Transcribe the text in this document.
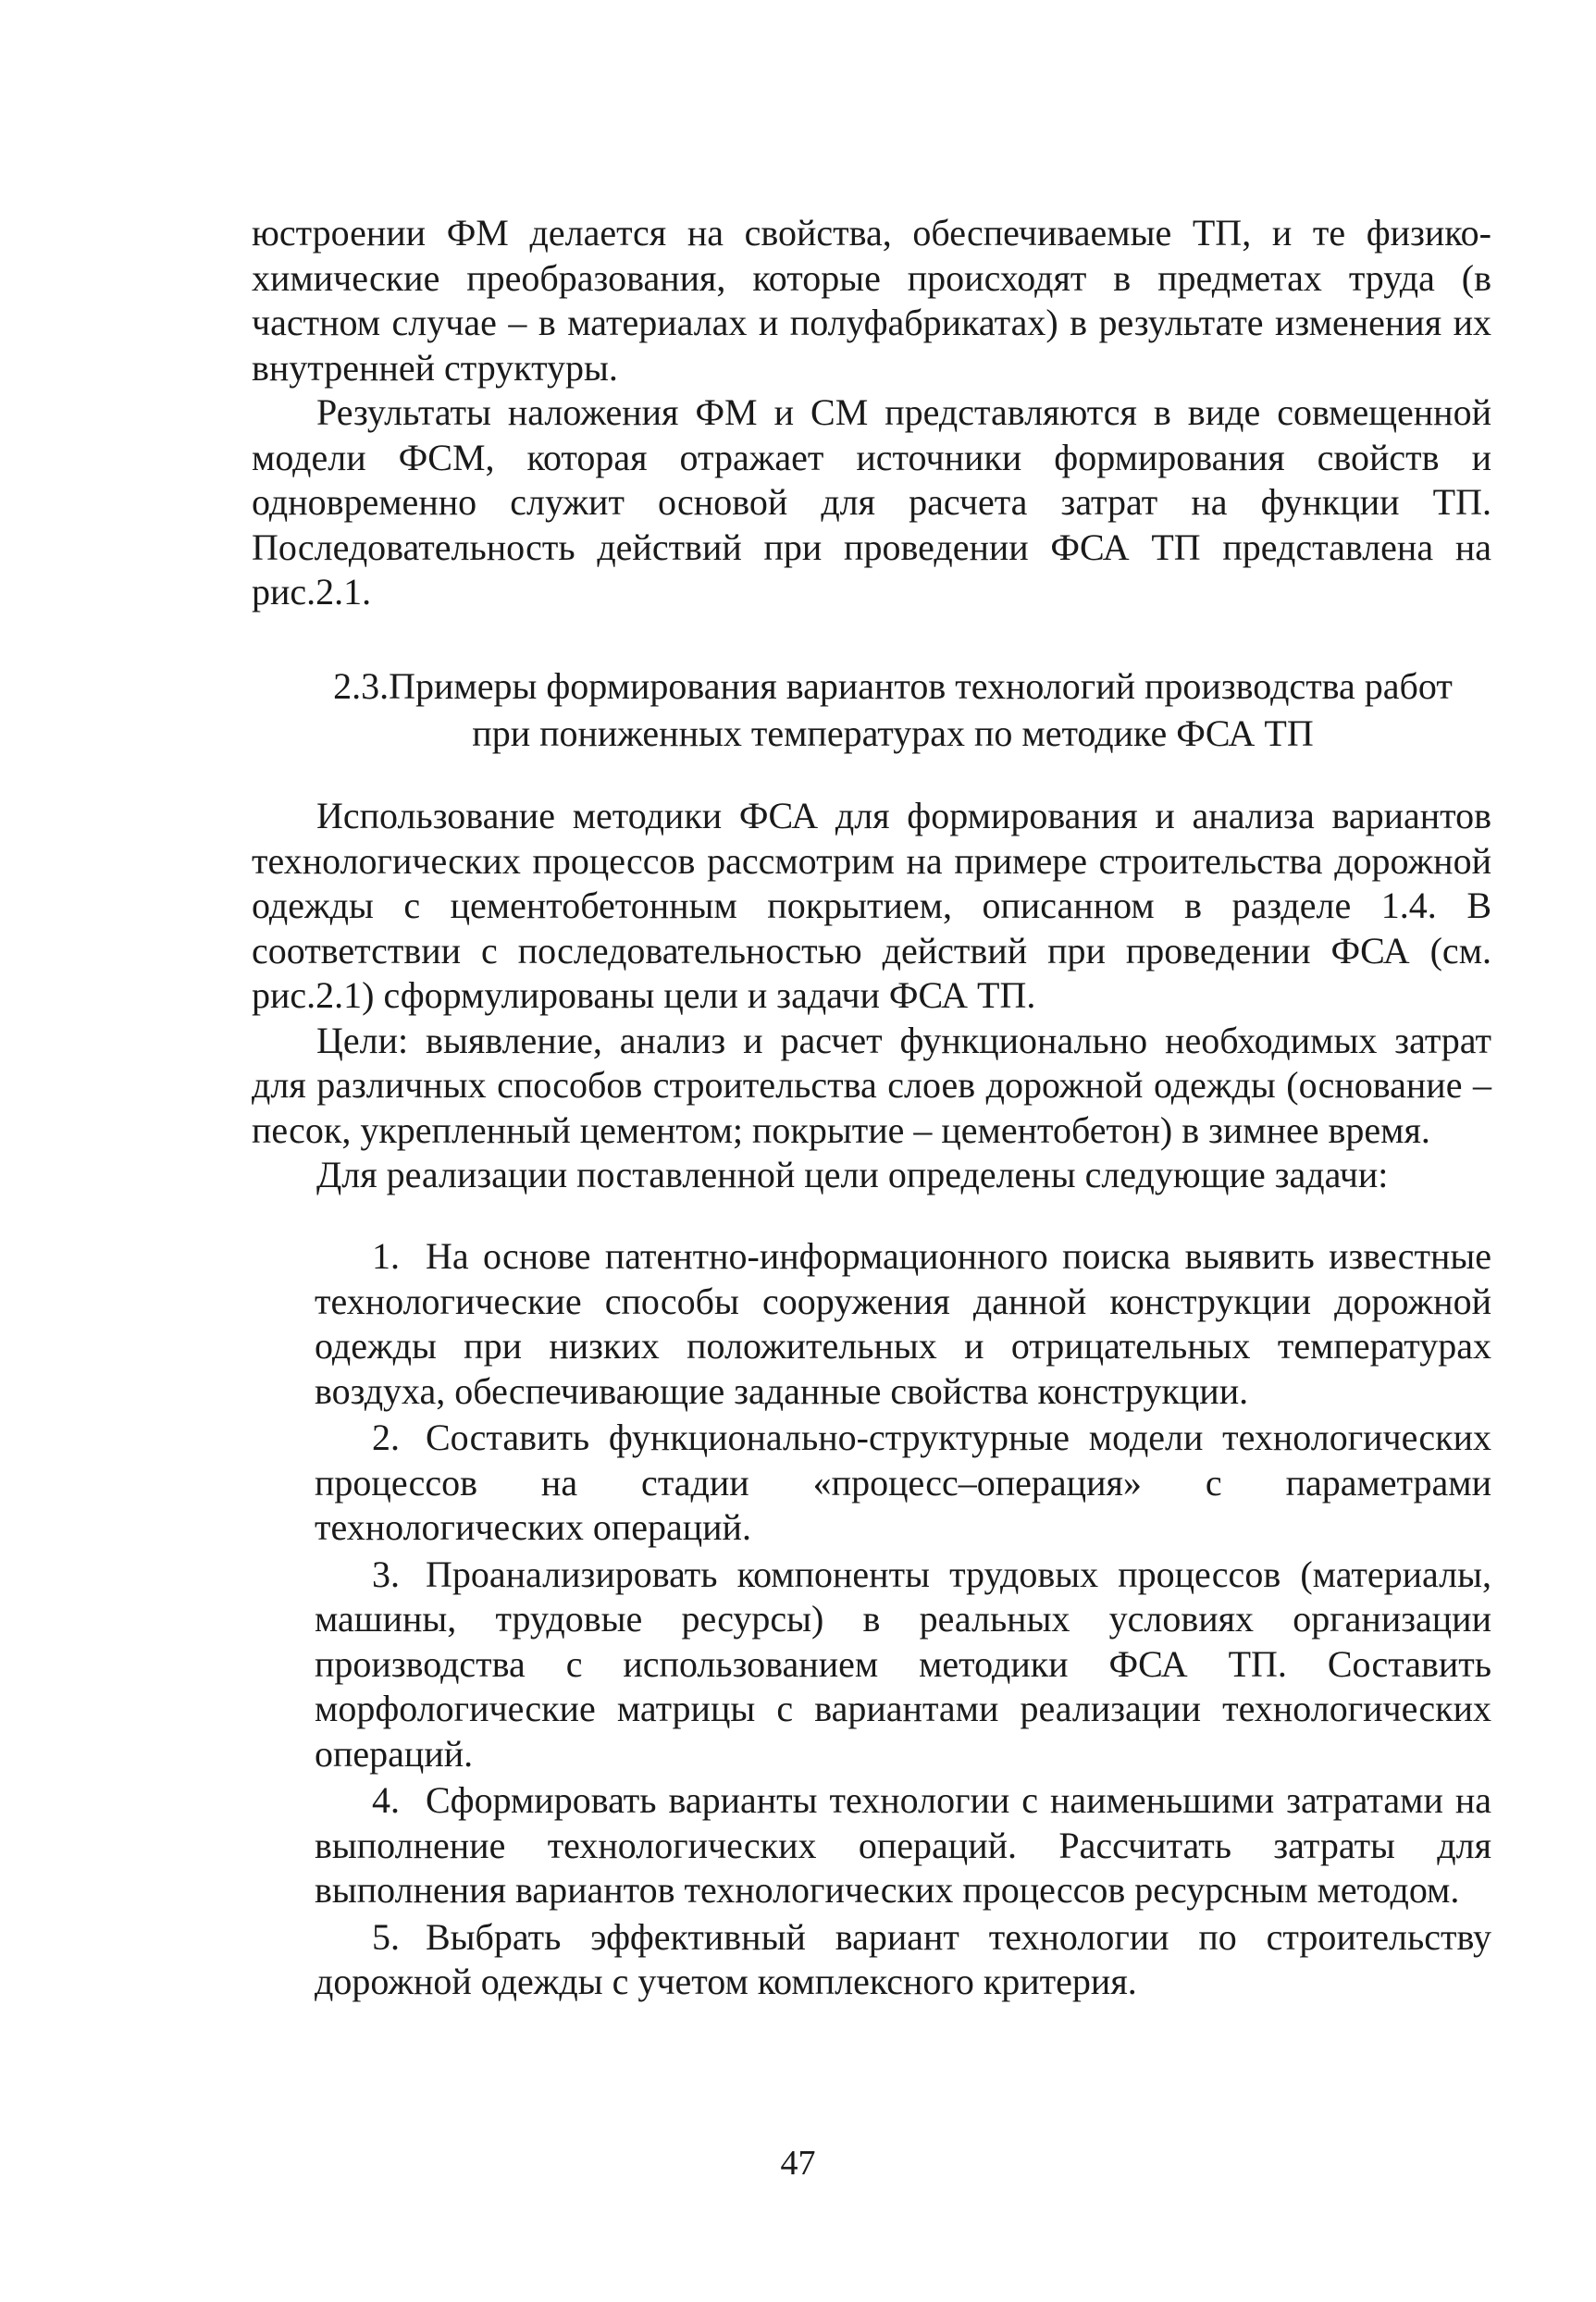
юстроении ФМ делается на свойства, обеспечиваемые ТП, и те физико-химические преобразования, которые происходят в предметах труда (в частном случае – в материалах и полуфабрикатах) в результате изменения их внутренней структуры.

Результаты наложения ФМ и СМ представляются в виде совмещенной модели ФСМ, которая отражает источники формирования свойств и одновременно служит основой для расчета затрат на функции ТП. Последовательность действий при проведении ФСА ТП представлена на рис.2.1.

2.3.Примеры формирования вариантов технологий производства работ
при пониженных температурах по методике ФСА ТП

Использование методики ФСА для формирования и анализа вариантов технологических процессов рассмотрим на примере строительства дорожной одежды с цементобетонным покрытием, описанном в разделе 1.4. В соответствии с последовательностью действий при проведении ФСА (см. рис.2.1) сформулированы цели и задачи ФСА ТП.

Цели: выявление, анализ и расчет функционально необходимых затрат для различных способов строительства слоев дорожной одежды (основание – песок, укрепленный цементом; покрытие – цементобетон) в зимнее время.

Для реализации поставленной цели определены следующие задачи:

1. На основе патентно-информационного поиска выявить известные технологические способы сооружения данной конструкции дорожной одежды при низких положительных и отрицательных температурах воздуха, обеспечивающие заданные свойства конструкции.

2. Составить функционально-структурные модели технологических процессов на стадии «процесс–операция» с параметрами технологических операций.

3. Проанализировать компоненты трудовых процессов (материалы, машины, трудовые ресурсы) в реальных условиях организации производства с использованием методики ФСА ТП. Составить морфологические матрицы с вариантами реализации технологических операций.

4. Сформировать варианты технологии с наименьшими затратами на выполнение технологических операций. Рассчитать затраты для выполнения вариантов технологических процессов ресурсным методом.

5. Выбрать эффективный вариант технологии по строительству дорожной одежды с учетом комплексного критерия.

47
